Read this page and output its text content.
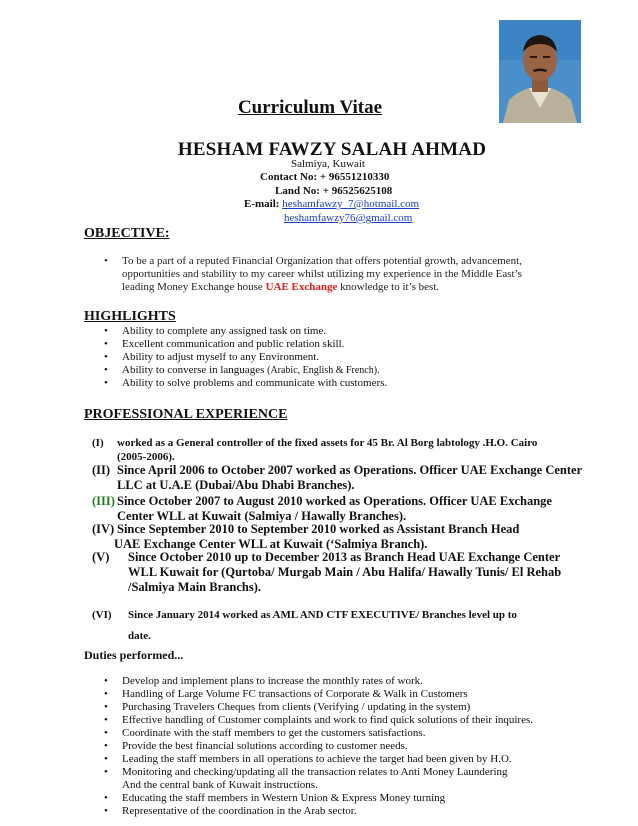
Curriculum Vitae
HESHAM FAWZY SALAH AHMAD
Salmiya, Kuwait
Contact No: + 96551210330
Land No: + 96525625108
E-mail: heshamfawzy_7@hotmail.com
heshamfawzy76@gmail.com
OBJECTIVE:
• To be a part of a reputed Financial Organization that offers potential growth, advancement,
opportunities and stability to my career whilst utilizing my experience in the Middle East’s
leading Money Exchange house UAE Exchange knowledge to it’s best.
HIGHLIGHTS
• Ability to complete any assigned task on time.
• Excellent communication and public relation skill.
• Ability to adjust myself to any Environment.
• Ability to converse in languages (Arabic, English & French).
• Ability to solve problems and communicate with customers.
PROFESSIONAL EXPERIENCE
(I) worked as a General controller of the fixed assets for 45 Br. Al Borg labtology .H.O. Cairo
(2005-2006).
(II) Since April 2006 to October 2007 worked as Operations. Officer UAE Exchange Center
LLC at U.A.E (Dubai/Abu Dhabi Branches).
(III) Since October 2007 to August 2010 worked as Operations. Officer UAE Exchange
Center WLL at Kuwait (Salmiya / Hawally Branches).
(IV) Since September 2010 to September 2010 worked as Assistant Branch Head
UAE Exchange Center WLL at Kuwait (‘Salmiya Branch).
(V) Since October 2010 up to December 2013 as Branch Head UAE Exchange Center
WLL Kuwait for (Qurtoba/ Murgab Main / Abu Halifa/ Hawally Tunis/ El Rehab
/Salmiya Main Branchs).
(VI) Since January 2014 worked as AML AND CTF EXECUTIVE/ Branches level up to
date.
Duties performed...
• Develop and implement plans to increase the monthly rates of work.
• Handling of Large Volume FC transactions of Corporate & Walk in Customers
• Purchasing Travelers Cheques from clients (Verifying / updating in the system)
• Effective handling of Customer complaints and work to find quick solutions of their inquires.
• Coordinate with the staff members to get the customers satisfactions.
• Provide the best financial solutions according to customer needs.
• Leading the staff members in all operations to achieve the target had been given by H.O.
• Monitoring and checking/updating all the transaction relates to Anti Money Laundering
And the central bank of Kuwait instructions.
• Educating the staff members in Western Union & Express Money turning
• Representative of the coordination in the Arab sector.
